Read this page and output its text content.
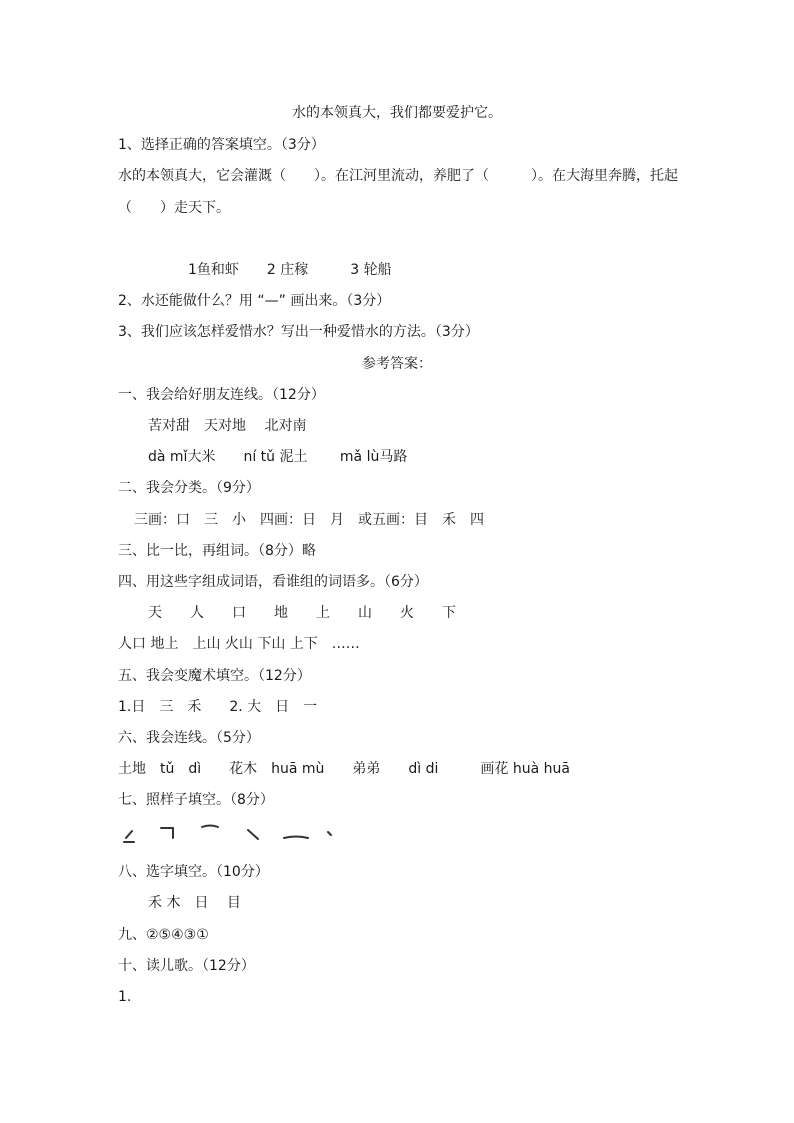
水的本领真大，我们都要爱护它。
1、选择正确的答案填空。（3分）
水的本领真大，它会灌溉（　　）。在江河里流动，养肥了（　　　）。在大海里奔腾，托起
（　　）走天下。
1鱼和虾　　2 庄稼　　　3 轮船
2、水还能做什么？用 “—” 画出来。（3分）
3、我们应该怎样爱惜水？写出一种爱惜水的方法。（3分）
参考答案：
一、我会给好朋友连线。（12分）
苦对甜　天对地　 北对南
dà mǐ大米　　ní tǔ 泥土　　 mǎ lù马路
二、我会分类。（9分）
三画：口　三　小　四画：日　月　或五画：目　禾　四
三、比一比，再组词。（8分）略
四、用这些字组成词语，看谁组的词语多。（6分）
天　　人　　口　　地　　上　　山　　火　　下
人口 地上　上山 火山 下山 上下　……
五、我会变魔术填空。（12分）
1.日　三　禾　　2. 大　日　一
六、我会连线。（5分）
土地　tǔ　dì　　花木　huā mù　　弟弟　　dì di　　　画花 huà huā
七、照样子填空。（8分）
八、选字填空。（10分）
禾 木　日　 目
九、②⑤④③①
十、读儿歌。（12分）
1.
